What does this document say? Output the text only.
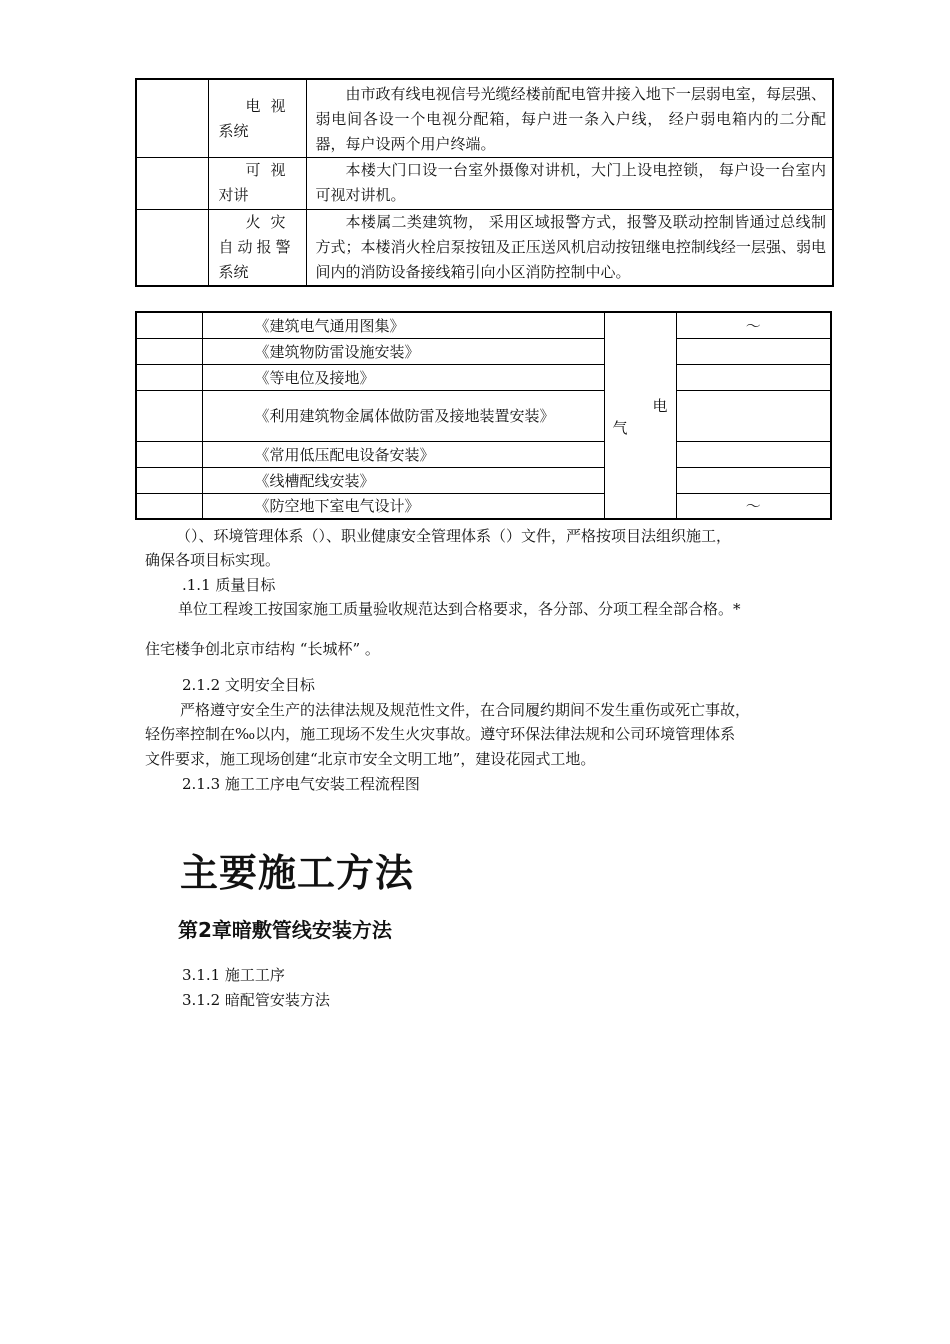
	电视
系统	由市政有线电视信号光缆经楼前配电管井接入地下一层弱电室，每层强、弱电间各设一个电视分配箱，每户进一条入户线， 经户弱电箱内的二分配器，每户设两个用户终端。

	可视
对讲	本楼大门口设一台室外摄像对讲机，大门上设电控锁， 每户设一台室内可视对讲机。

	火灾
自动报警
系统	本楼属二类建筑物， 采用区域报警方式，报警及联动控制皆通过总线制方式；本楼消火栓启泵按钮及正压送风机启动按钮继电控制线经一层强、弱电间内的消防设备接线箱引向小区消防控制中心。
	《建筑电气通用图集》	电
气	～
	《建筑物防雷设施安装》		
	《等电位及接地》		
	《利用建筑物金属体做防雷及接地装置安装》		
	《常用低压配电设备安装》		
	《线槽配线安装》		
	《防空地下室电气设计》		～
（）、环境管理体系（）、职业健康安全管理体系（）文件，严格按项目法组织施工，
确保各项目标实现。
.1.1 质量目标
单位工程竣工按国家施工质量验收规范达到合格要求，各分部、分项工程全部合格。*
住宅楼争创北京市结构 “长城杯” 。
2.1.2 文明安全目标
严格遵守安全生产的法律法规及规范性文件，在合同履约期间不发生重伤或死亡事故，
轻伤率控制在‰以内，施工现场不发生火灾事故。遵守环保法律法规和公司环境管理体系
文件要求，施工现场创建“北京市安全文明工地”，建设花园式工地。
2.1.3 施工工序电气安装工程流程图
主要施工方法
第2章暗敷管线安装方法
3.1.1 施工工序
3.1.2 暗配管安装方法
